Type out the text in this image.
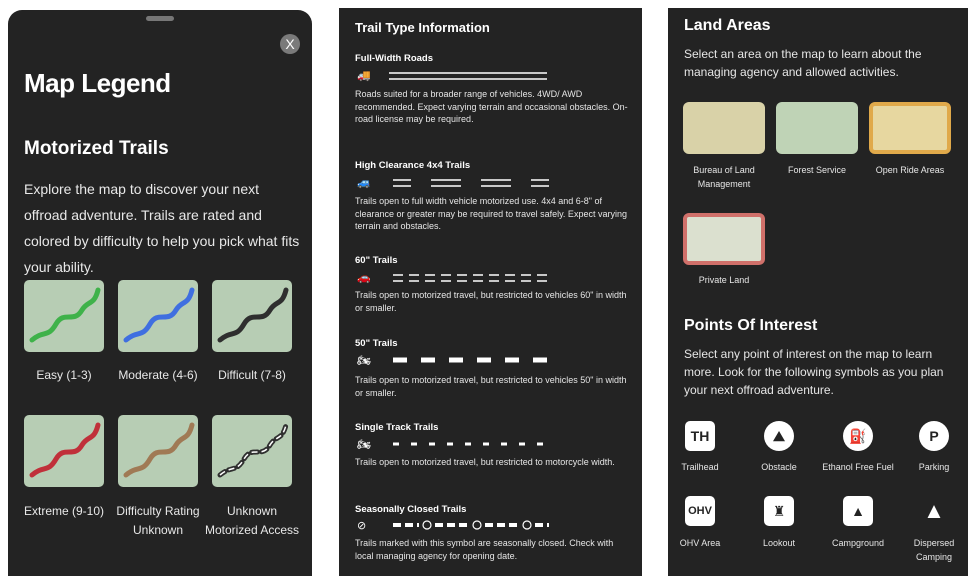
X
Map Legend
Motorized Trails
Explore the map to discover your next offroad adventure. Trails are rated and colored by difficulty to help you pick what fits your ability.
Easy (1-3)	Moderate (4-6)	Difficult (7-8)
Extreme (9-10)	Difficulty Rating Unknown
Unknown Motorized Access
Trail Type Information
Full-Width Roads
🚚
Roads suited for a broader range of vehicles. 4WD/ AWD recommended. Expect varying terrain and occasional obstacles. On-road license may be required.
High Clearance 4x4 Trails
🚙
Trails open to full width vehicle motorized use. 4x4 and 6-8" of clearance or greater may be required to travel safely. Expect varying terrain and obstacles.
60" Trails
🚗
Trails open to motorized travel, but restricted to vehicles 60" in width or smaller.
50" Trails
🏍
Trails open to motorized travel, but restricted to vehicles 50" in width or smaller.
Single Track Trails
🏍
Trails open to motorized travel, but restricted to motorcycle width.
Seasonally Closed Trails
⊘
Trails marked with this symbol are seasonally closed. Check with local managing agency for opening date.
Land Areas
Select an area on the map to learn about the managing agency and allowed activities.
Bureau of Land Management
Forest Service	Open Ride Areas
Private Land
Points Of Interest
Select any point of interest on the map to learn more. Look for the following symbols as you plan your next offroad adventure.
TH
Trailhead
⛰
Obstacle
⛽
Ethanol Free Fuel
P
Parking
OHV
OHV Area
♜
Lookout
▲
Campground
▲
Dispersed Camping
